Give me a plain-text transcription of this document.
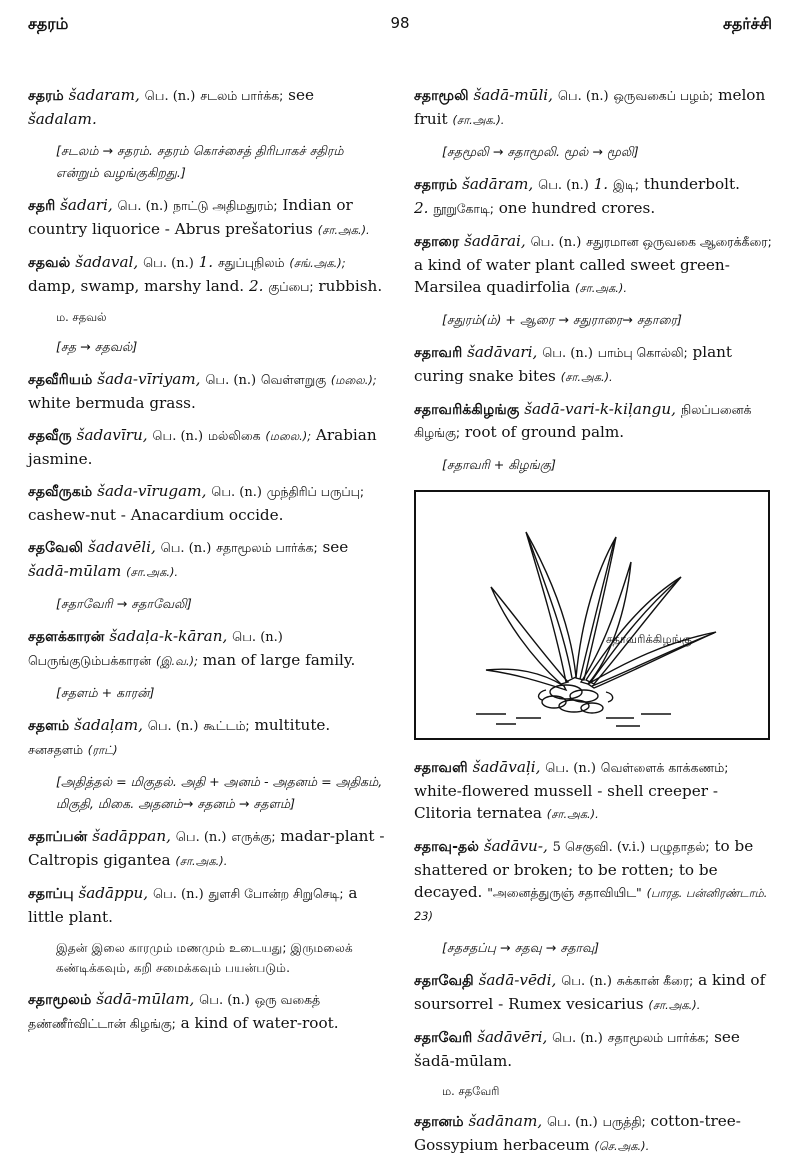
சதரம்	98	சதர்ச்சி
சதரம் šadaram, பெ. (n.) சடலம் பார்க்க; see šadalam.
[சடலம் → சதரம். சதரம் கொச்சைத் திரிபாகச் சதிரம் என்றும் வழங்குகிறது.]
சதரி šadari, பெ. (n.) நாட்டு அதிமதுரம்; Indian or country liquorice - Abrus prešatorius (சா.அக.).
சதவல் šadaval, பெ. (n.) 1. சதுப்புநிலம் (சங்.அக.); damp, swamp, marshy land. 2. குப்பை; rubbish.
ம. சதவல்
[சத → சதவல்]
சதவீரியம் šada-vīriyam, பெ. (n.) வெள்ளறுகு (மலை.); white bermuda grass.
சதவீரு šadavīru, பெ. (n.) மல்லிகை (மலை.); Arabian jasmine.
சதவீருகம் šada-vīrugam, பெ. (n.) முந்திரிப் பருப்பு; cashew-nut - Anacardium occide.
சதவேலி šadavēli, பெ. (n.) சதாமூலம் பார்க்க; see šadā-mūlam (சா.அக.).
[சதாவேரி → சதாவேலி]
சதளக்காரன் šadaļa-k-kāran, பெ. (n.) பெருங்குடும்பக்காரன் (இ.வ.); man of large family.
[சதளம் + காரன்]
சதளம் šadaļam, பெ. (n.) கூட்டம்; multitute.
சனசதளம் (ராட்)
[அதித்தல் = மிகுதல். அதி + அனம் - அதனம் = அதிகம், மிகுதி, மிகை. அதனம்→ சதனம் → சதளம்]
சதாப்பன் šadāppan, பெ. (n.) எருக்கு; madar-plant - Caltropis gigantea (சா.அக.).
சதாப்பு šadāppu, பெ. (n.) துளசி போன்ற சிறுசெடி; a little plant.
இதன் இலை காரமும் மணமும் உடையது; இருமலைக் கண்டிக்கவும், கறி சமைக்கவும் பயன்படும்.
சதாமூலம் šadā-mūlam, பெ. (n.) ஒரு வகைத் தண்ணீர்விட்டான் கிழங்கு; a kind of water-root.
சதாமூலி šadā-mūli, பெ. (n.) ஒருவகைப் பழம்; melon fruit (சா.அக.).
[சதமூலி → சதாமூலி. மூல் → மூலி]
சதாரம் šadāram, பெ. (n.) 1. இடி; thunderbolt.
2. நூறுகோடி; one hundred crores.
சதாரை šadārai, பெ. (n.) சதுரமான ஒருவகை ஆரைக்கீரை; a kind of water plant called sweet green-Marsilea quadirfolia (சா.அக.).
[சதுரம்(ம்) + ஆரை → சதுராரை→ சதாரை]
சதாவரி šadāvari, பெ. (n.) பாம்பு கொல்லி; plant curing snake bites (சா.அக.).
சதாவரிக்கிழங்கு šadā-vari-k-kiļangu, நிலப்பனைக் கிழங்கு; root of ground palm.
[சதாவரி + கிழங்கு]
சதாவரிக்கிழங்கு
சதாவளி šadāvaļi, பெ. (n.) வெள்ளைக் காக்கணம்; white-flowered mussell - shell creeper - Clitoria ternatea (சா.அக.).
சதாவு-தல் šadāvu-, 5 செகுவி. (v.i.) பழுதாதல்; to be shattered or broken; to be rotten; to be decayed. "அனைத்துருஞ் சதாவியிட" (பாரத. பன்னிரண்டாம். 23)
[சதசதப்பு → சதவு → சதாவு]
சதாவேதி šadā-vēdi, பெ. (n.) சுக்கான் கீரை; a kind of soursorrel - Rumex vesicarius (சா.அக.).
சதாவேரி šadāvēri, பெ. (n.) சதாமூலம் பார்க்க; see šadā-mūlam.
ம. சதவேரி
சதானம் šadānam, பெ. (n.) பருத்தி; cotton-tree-Gossypium herbaceum (செ.அக.).
